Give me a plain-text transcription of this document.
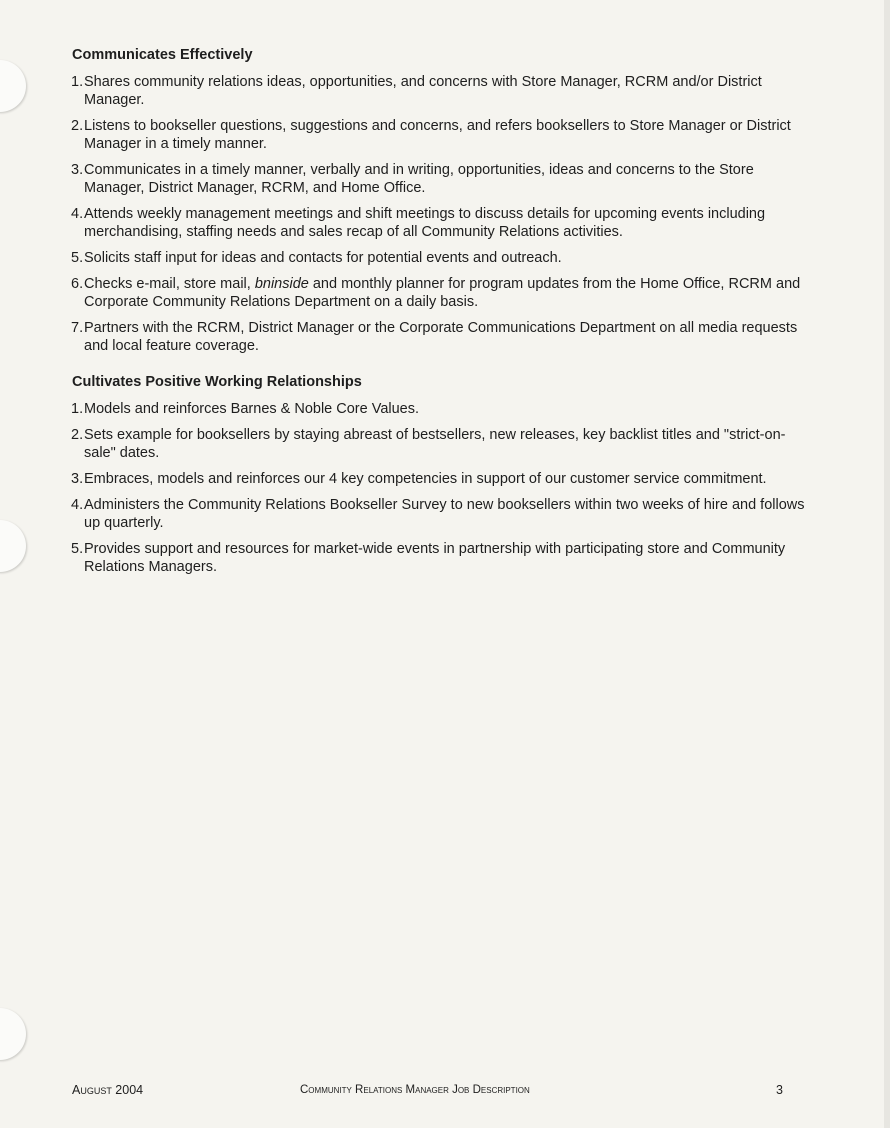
Communicates Effectively
1. Shares community relations ideas, opportunities, and concerns with Store Manager, RCRM and/or District Manager.
2. Listens to bookseller questions, suggestions and concerns, and refers booksellers to Store Manager or District Manager in a timely manner.
3. Communicates in a timely manner, verbally and in writing, opportunities, ideas and concerns to the Store Manager, District Manager, RCRM, and Home Office.
4. Attends weekly management meetings and shift meetings to discuss details for upcoming events including merchandising, staffing needs and sales recap of all Community Relations activities.
5. Solicits staff input for ideas and contacts for potential events and outreach.
6. Checks e-mail, store mail, bninside and monthly planner for program updates from the Home Office, RCRM and Corporate Community Relations Department on a daily basis.
7. Partners with the RCRM, District Manager or the Corporate Communications Department on all media requests and local feature coverage.
Cultivates Positive Working Relationships
1. Models and reinforces Barnes & Noble Core Values.
2. Sets example for booksellers by staying abreast of bestsellers, new releases, key backlist titles and "strict-on-sale" dates.
3. Embraces, models and reinforces our 4 key competencies in support of our customer service commitment.
4. Administers the Community Relations Bookseller Survey to new booksellers within two weeks of hire and follows up quarterly.
5. Provides support and resources for market-wide events in partnership with participating store and Community Relations Managers.
August 2004	Community Relations Manager Job Description	3
